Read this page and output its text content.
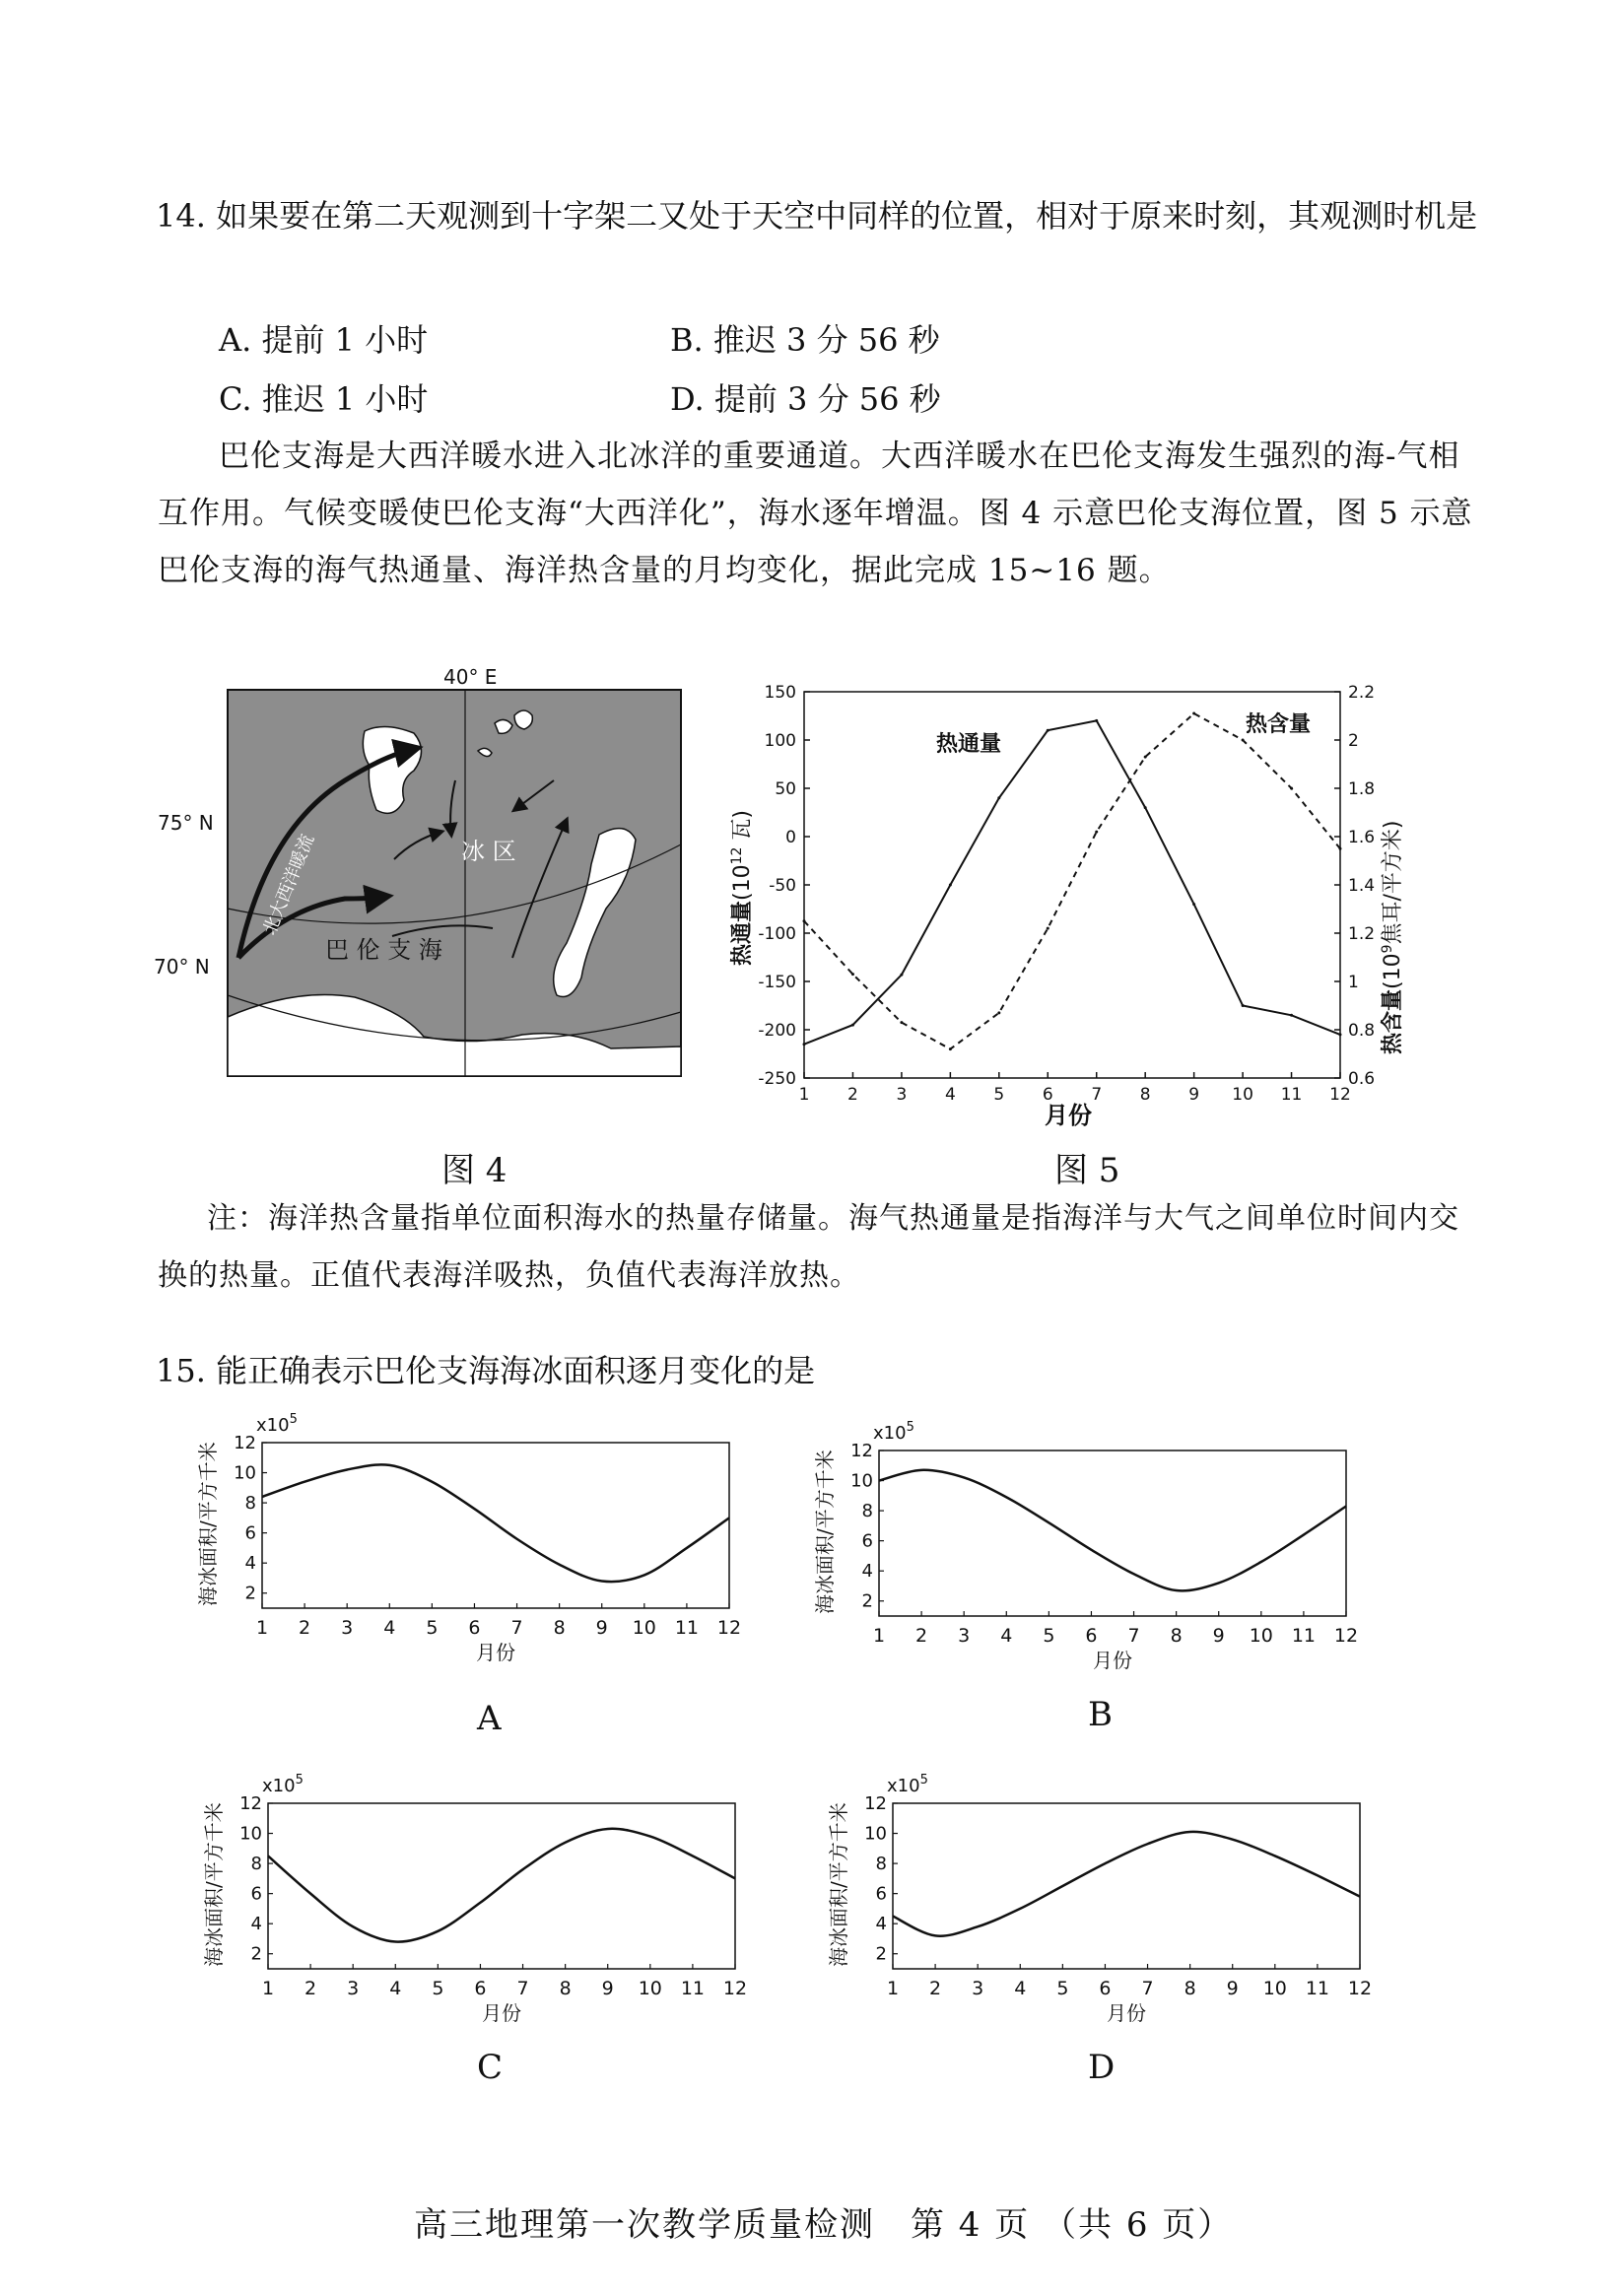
14. 如果要在第二天观测到十字架二又处于天空中同样的位置，相对于原来时刻，其观测时机是
A. 提前 1 小时	B. 推迟 3 分 56 秒
C. 推迟 1 小时	D. 提前 3 分 56 秒

巴伦支海是大西洋暖水进入北冰洋的重要通道。大西洋暖水在巴伦支海发生强烈的海-气相互作用。气候变暖使巴伦支海“大西洋化”，海水逐年增温。图 4 示意巴伦支海位置，图 5 示意巴伦支海的海气热通量、海洋热含量的月均变化，据此完成 15~16 题。

40° E
75° N
70° N
北大西洋暖流	冰 区
巴 伦 支 海
图 4
150
100
50
0
-50
-100
-150
-200
-250
2.2
2
1.8
1.6
1.4
1.2
1
0.8
0.6
1 2 3 4 5 6 7 8 9 10 11 12
热通量
热含量
热通量($10^{12}$ 瓦)
热含量($10^9$焦耳/平方米)
月份
图 5

注：海洋热含量指单位面积海水的热量存储量。海气热通量是指海洋与大气之间单位时间内交换的热量。正值代表海洋吸热，负值代表海洋放热。

15. 能正确表示巴伦支海海冰面积逐月变化的是
12
10
8
6
4
2
1 2 3 4 5 6 7 8 9 10 11 12
海冰面积/平方千米
$x10^5$
月份
A
12
10
8
6
4
2
1 2 3 4 5 6 7 8 9 10 11 12
海冰面积/平方千米
$x10^5$
月份
B
12
10
8
6
4
2
1 2 3 4 5 6 7 8 9 10 11 12
海冰面积/平方千米
$x10^5$
月份
C
12
10
8
6
4
2
1 2 3 4 5 6 7 8 9 10 11 12
海冰面积/平方千米
$x10^5$
月份
D
高三地理第一次教学质量检测　第 4 页 （共 6 页）
